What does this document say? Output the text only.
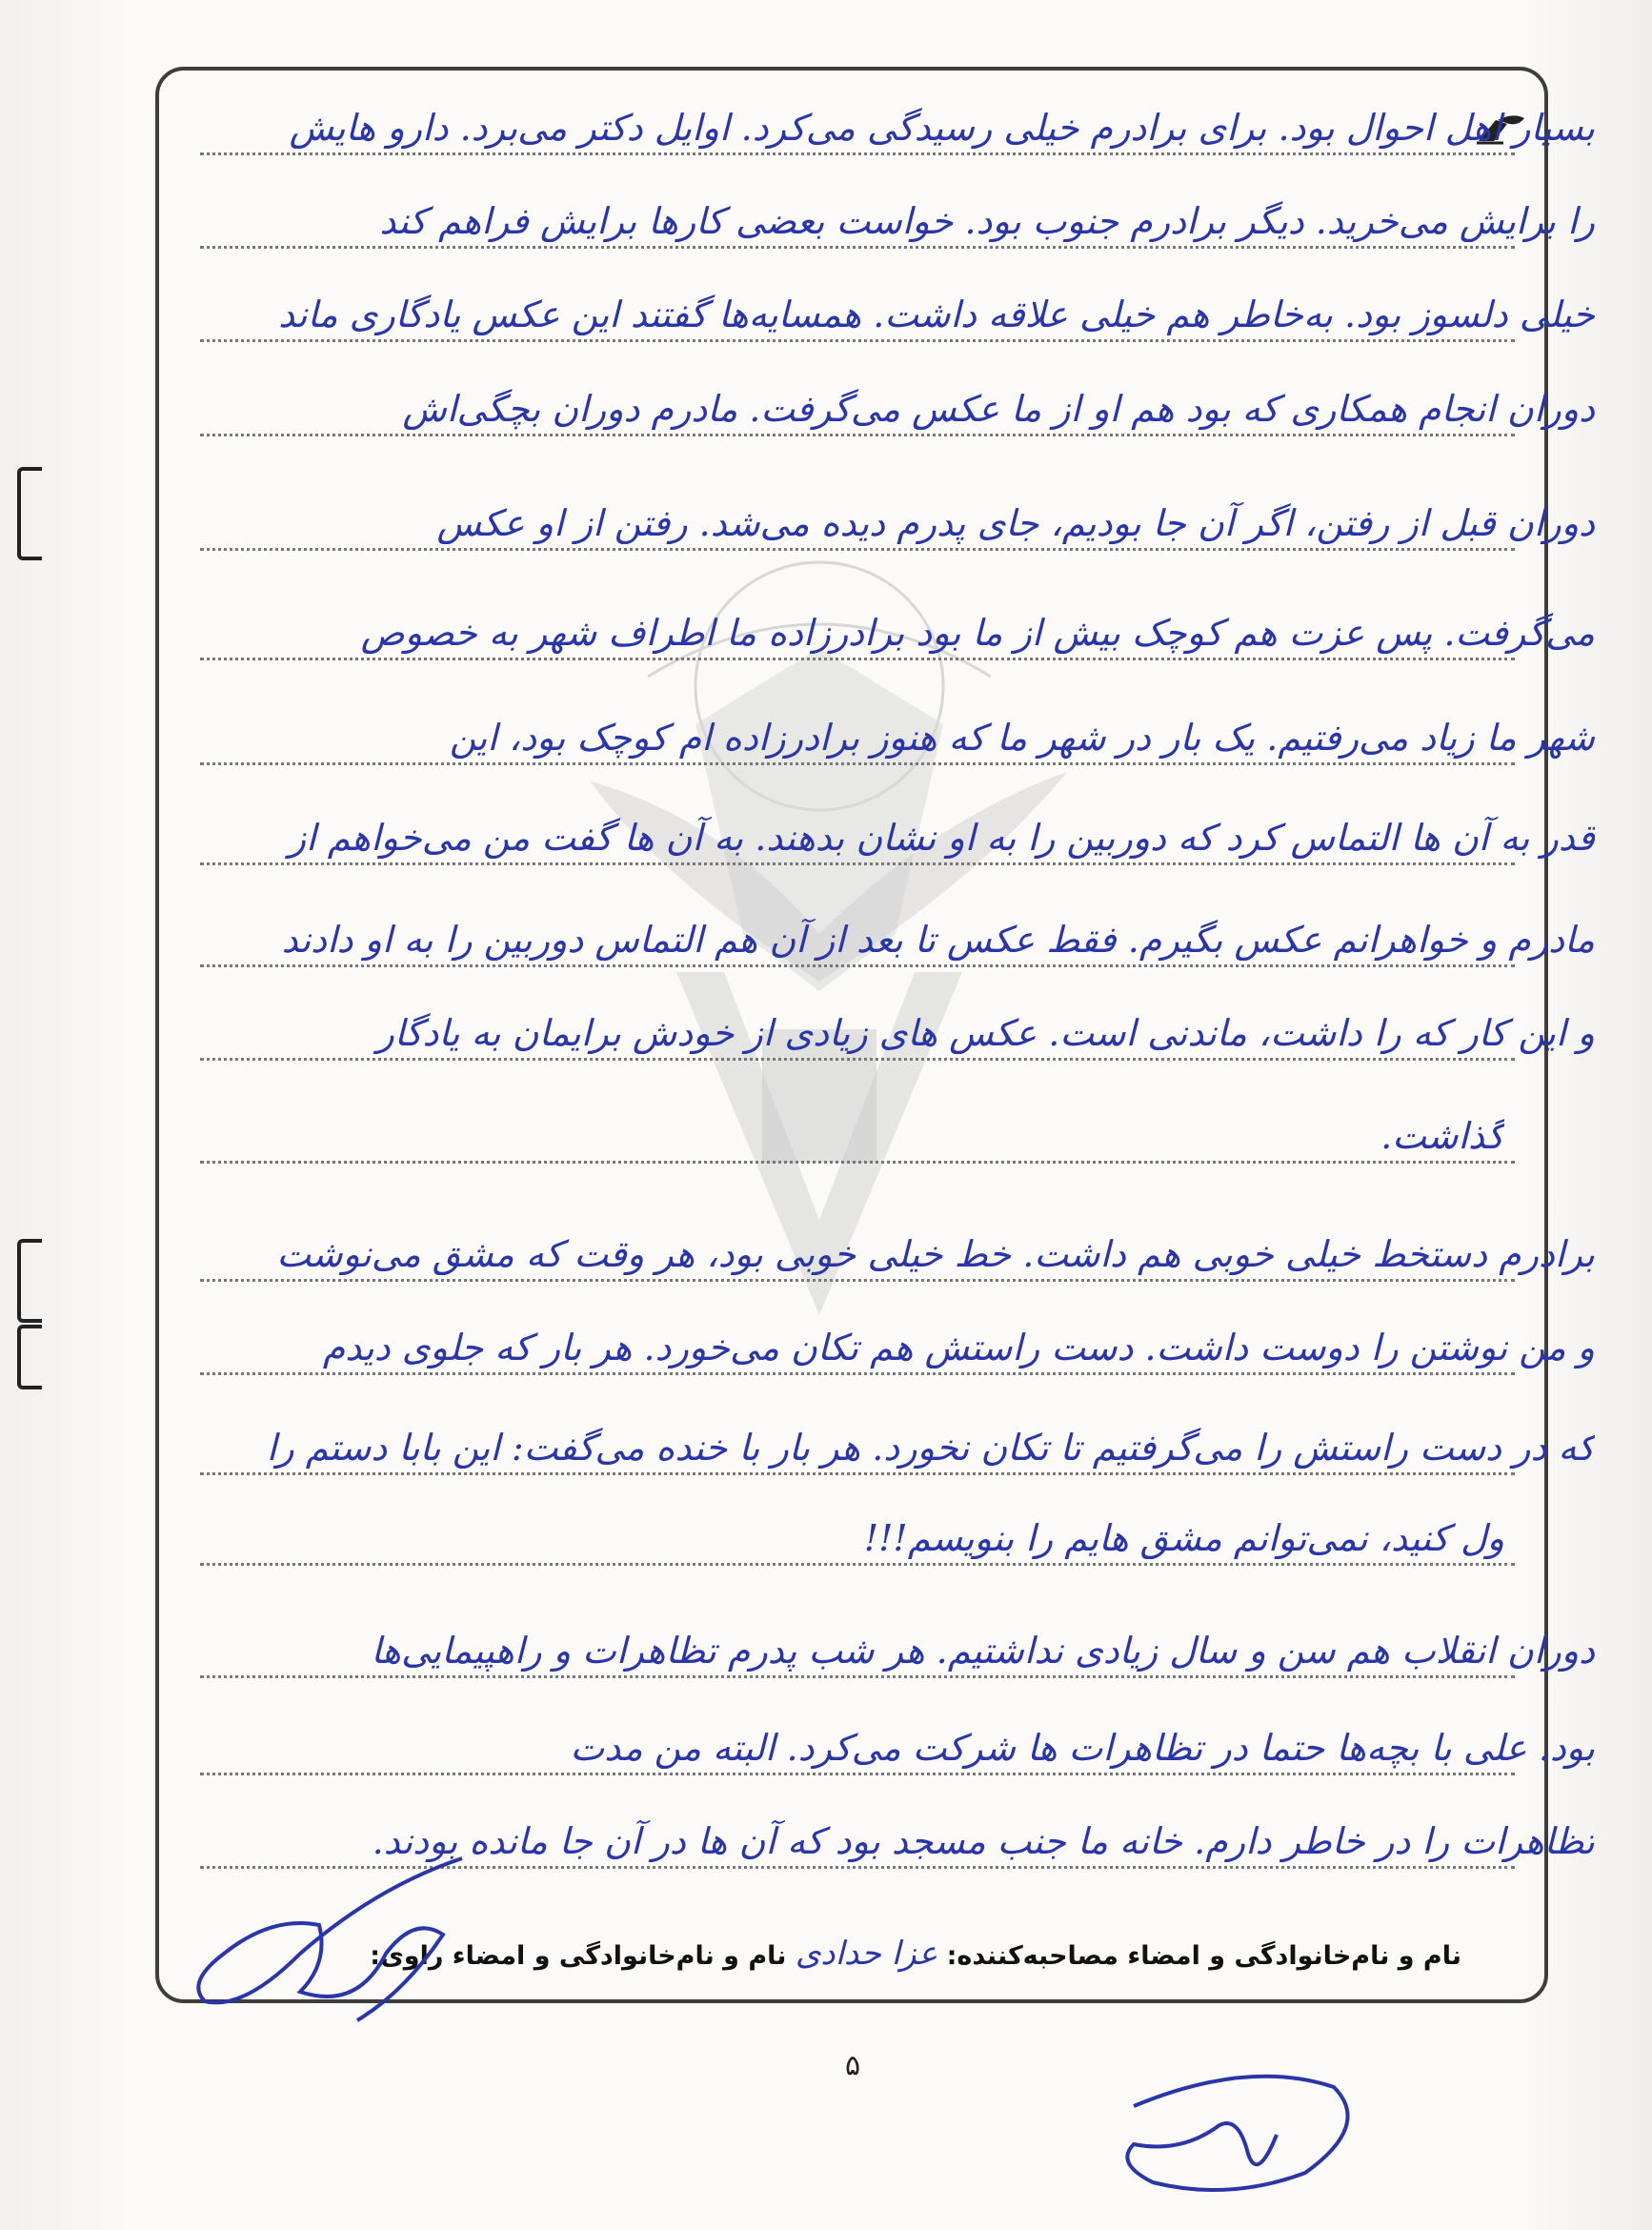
بسیار اهل احوال بود. برای برادرم خیلی رسیدگی می‌کرد. اوایل دکتر می‌برد. دارو هایش
را برایش می‌خرید. دیگر برادرم جنوب بود. خواست بعضی کارها برایش فراهم کند
خیلی دلسوز بود. به‌خاطر هم خیلی علاقه داشت. همسایه‌ها گفتند این عکس یادگاری ماند
دوران انجام همکاری که بود هم او از ما عکس می‌گرفت. مادرم دوران بچگی‌اش
دوران قبل از رفتن، اگر آن جا بودیم، جای پدرم دیده می‌شد. رفتن از او عکس
می‌گرفت. پس عزت هم کوچک بیش از ما بود برادرزاده ما اطراف شهر به خصوص
شهر ما زیاد می‌رفتیم. یک بار در شهر ما که هنوز برادرزاده ام کوچک بود، این
قدر به آن ها التماس کرد که دوربین را به او نشان بدهند. به آن ها گفت من می‌خواهم از
مادرم و خواهرانم عکس بگیرم. فقط عکس تا بعد از آن هم التماس دوربین را به او دادند
و این کار که را داشت، ماندنی است. عکس های زیادی از خودش برایمان به یادگار
گذاشت.
برادرم دستخط خیلی خوبی هم داشت. خط خیلی خوبی بود، هر وقت که مشق می‌نوشت
و من نوشتن را دوست داشت. دست راستش هم تکان می‌خورد. هر بار که جلوی دیدم
که در دست راستش را می‌گرفتیم تا تکان نخورد. هر بار با خنده می‌گفت: این بابا دستم را
ول کنید، نمی‌توانم مشق هایم را بنویسم!!!
دوران انقلاب هم سن و سال زیادی نداشتیم. هر شب پدرم تظاهرات و راهپیمایی‌ها
بود. علی با بچه‌ها حتما در تظاهرات ها شرکت می‌کرد. البته من مدت
تظاهرات را در خاطر دارم. خانه ما جنب مسجد بود که آن ها در آن جا مانده بودند.
نام و نام‌خانوادگی و امضاء مصاحبه‌کننده: عزا حدادی نام و نام‌خانوادگی و امضاء راوی:
۵
